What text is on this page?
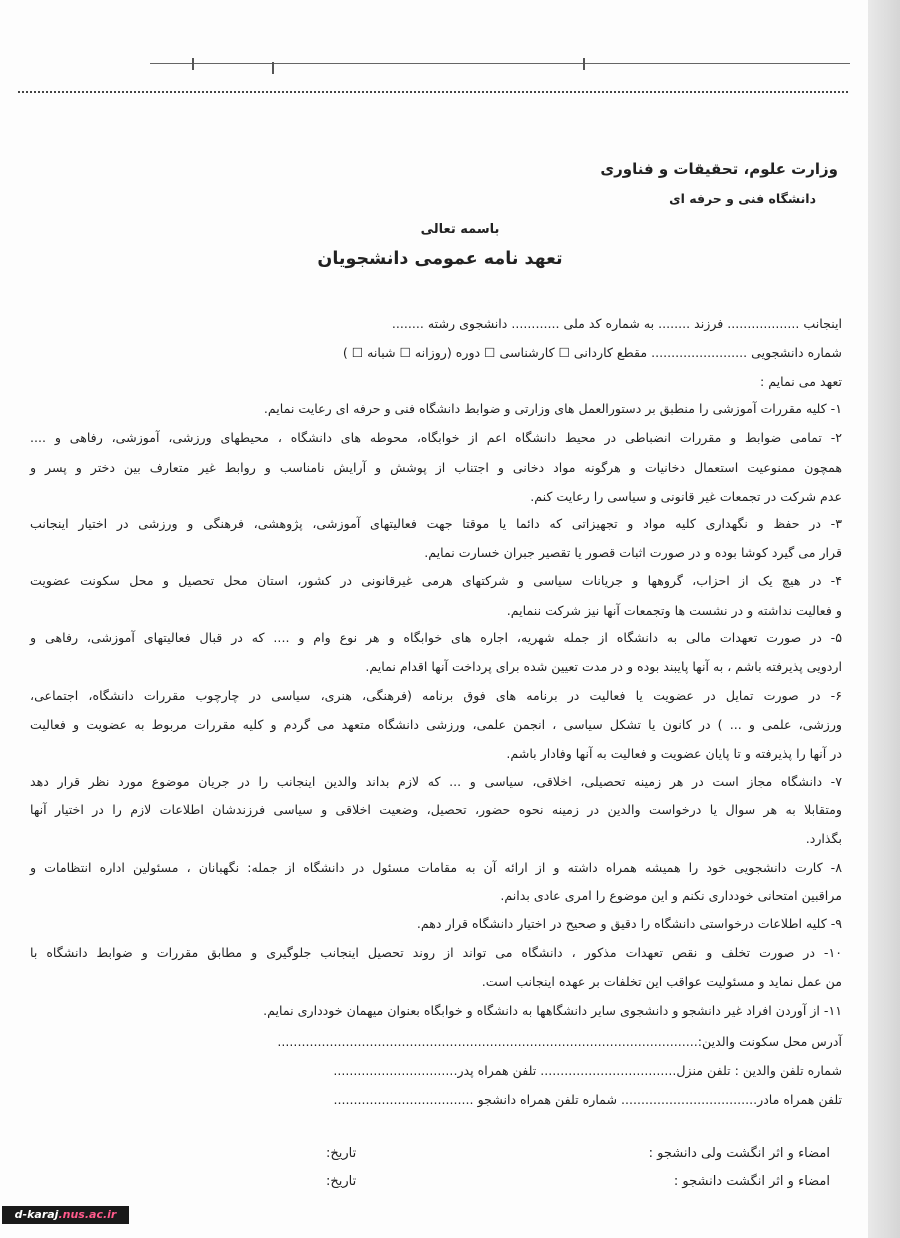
وزارت علوم، تحقیقات و فناوری
دانشگاه فنی و حرفه ای
باسمه تعالی
تعهد نامه عمومی دانشجویان
اینجانب .................. فرزند ........ به شماره کد ملی ............ دانشجوی رشته ........
شماره دانشجویی ........................ مقطع کاردانی ☐ کارشناسی ☐ دوره (روزانه ☐ شبانه ☐ )
تعهد می نمایم :
۱- کلیه مقررات آموزشی را منطبق بر دستورالعمل های وزارتی و ضوابط دانشگاه فنی و حرفه ای رعایت نمایم.
۲- تمامی ضوابط و مقررات انضباطی در محیط دانشگاه اعم از خوابگاه، محوطه های دانشگاه ، محیطهای ورزشی، آموزشی، رفاهی و ....
همچون ممنوعیت استعمال دخانیات و هرگونه مواد دخانی و اجتناب از پوشش و آرایش نامناسب و روابط غیر متعارف بین دختر و پسر و
عدم شرکت در تجمعات غیر قانونی و سیاسی را رعایت کنم.
۳- در حفظ و نگهداری کلیه مواد و تجهیزاتی که دائما یا موقتا جهت فعالیتهای آموزشی، پژوهشی، فرهنگی و ورزشی در اختیار اینجانب
قرار می گیرد کوشا بوده و در صورت اثبات قصور یا تقصیر جبران خسارت نمایم.
۴- در هیچ یک از احزاب، گروهها و جریانات سیاسی و شرکتهای هرمی غیرقانونی در کشور، استان محل تحصیل و محل سکونت عضویت
و فعالیت نداشته و در نشست ها وتجمعات آنها نیز شرکت ننمایم.
۵- در صورت تعهدات مالی به دانشگاه از جمله شهریه، اجاره های خوابگاه و هر نوع وام و .... که در قبال فعالیتهای آموزشی، رفاهی و
اردویی پذیرفته باشم ، به آنها پایبند بوده و در مدت تعیین شده برای پرداخت آنها اقدام نمایم.
۶- در صورت تمایل در عضویت یا فعالیت در برنامه های فوق برنامه (فرهنگی، هنری، سیاسی در چارچوب مقررات دانشگاه، اجتماعی،
ورزشی، علمی و ... ) در کانون یا تشکل سیاسی ، انجمن علمی، ورزشی دانشگاه متعهد می گردم و کلیه مقررات مربوط به عضویت و فعالیت
در آنها را پذیرفته و تا پایان عضویت و فعالیت به آنها وفادار باشم.
۷- دانشگاه مجاز است در هر زمینه تحصیلی، اخلاقی، سیاسی و ... که لازم بداند والدین اینجانب را در جریان موضوع مورد نظر قرار دهد
ومتقابلا به هر سوال یا درخواست والدین در زمینه نحوه حضور، تحصیل، وضعیت اخلاقی و سیاسی فرزندشان اطلاعات لازم را در اختیار آنها
بگذارد.
۸- کارت دانشجویی خود را همیشه همراه داشته و از ارائه آن به مقامات مسئول در دانشگاه از جمله: نگهبانان ، مسئولین اداره انتظامات و
مراقبین امتحانی خودداری نکنم و این موضوع را امری عادی بدانم.
۹- کلیه اطلاعات درخواستی دانشگاه را دقیق و صحیح در اختیار دانشگاه قرار دهم.
۱۰- در صورت تخلف و نقص تعهدات مذکور ، دانشگاه می تواند از روند تحصیل اینجانب جلوگیری و مطابق مقررات و ضوابط دانشگاه با
من عمل نماید و مسئولیت عواقب این تخلفات بر عهده اینجانب است.
۱۱- از آوردن افراد غیر دانشجو و دانشجوی سایر دانشگاهها به دانشگاه و خوابگاه بعنوان میهمان خودداری نمایم.
آدرس محل سکونت والدین:.........................................................................................................
شماره تلفن والدین : تلفن منزل.................................. تلفن همراه پدر...............................
تلفن همراه مادر.................................. شماره تلفن همراه دانشجو ...................................
امضاء و اثر انگشت ولی دانشجو :
امضاء و اثر انگشت دانشجو :
تاریخ:
تاریخ:
d-karaj.nus.ac.ir
